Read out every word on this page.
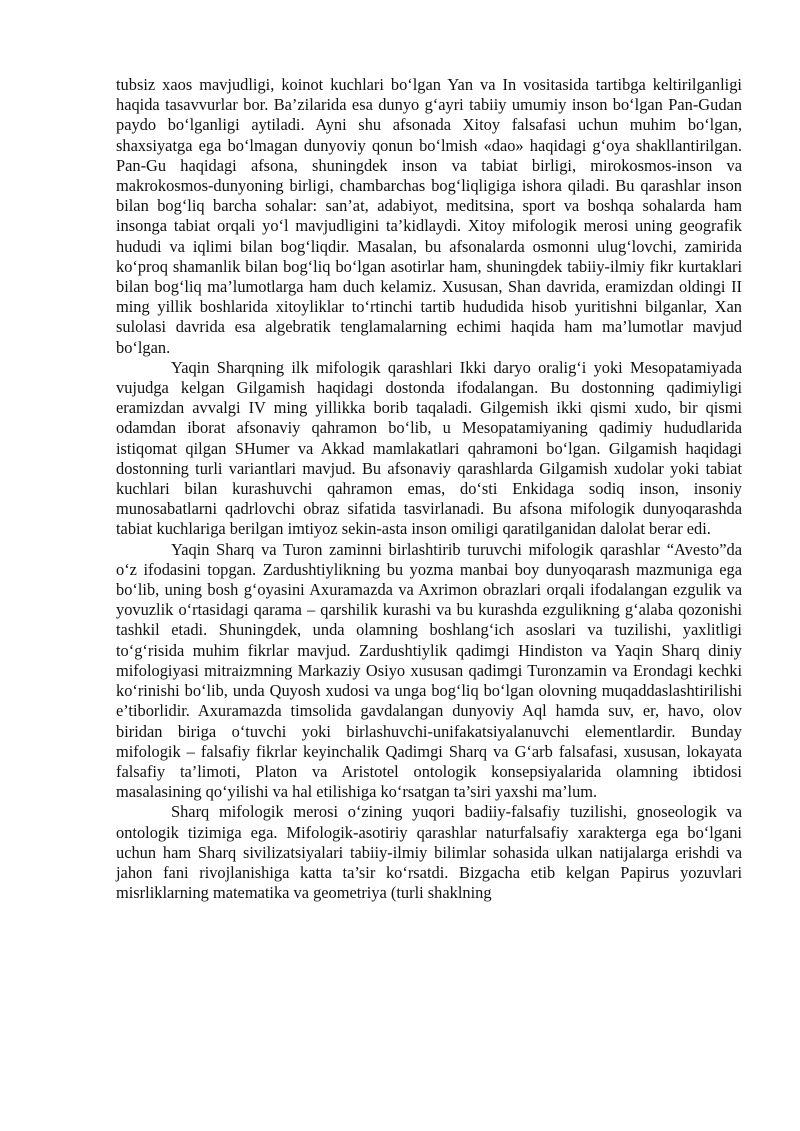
tubsiz xaos mavjudligi, koinot kuchlari bo‘lgan Yan va In vositasida tartibga keltirilganligi haqida tasavvurlar bor. Ba’zilarida esa dunyo g‘ayri tabiiy umumiy inson bo‘lgan Pan-Gudan paydo bo‘lganligi aytiladi. Ayni shu afsonada Xitoy falsafasi uchun muhim bo‘lgan, shaxsiyatga ega bo‘lmagan dunyoviy qonun bo‘lmish «dao» haqidagi g‘oya shakllantirilgan. Pan-Gu haqidagi afsona, shuningdek inson va tabiat birligi, mirokosmos-inson va makrokosmos-dunyoning birligi, chambarchas bog‘liqligiga ishora qiladi. Bu qarashlar inson bilan bog‘liq barcha sohalar: san’at, adabiyot, meditsina, sport va boshqa sohalarda ham insonga tabiat orqali yo‘l mavjudligini ta’kidlaydi. Xitoy mifologik merosi uning geografik hududi va iqlimi bilan bog‘liqdir. Masalan, bu afsonalarda osmonni ulug‘lovchi, zamirida ko‘proq shamanlik bilan bog‘liq bo‘lgan asotirlar ham, shuningdek tabiiy-ilmiy fikr kurtaklari bilan bog‘liq ma’lumotlarga ham duch kelamiz. Xususan, Shan davrida, eramizdan oldingi II ming yillik boshlarida xitoyliklar to‘rtinchi tartib hududida hisob yuritishni bilganlar, Xan sulolasi davrida esa algebratik tenglamalarning echimi haqida ham ma’lumotlar mavjud bo‘lgan.

Yaqin Sharqning ilk mifologik qarashlari Ikki daryo oralig‘i yoki Mesopatamiyada vujudga kelgan Gilgamish haqidagi dostonda ifodalangan. Bu dostonning qadimiyligi eramizdan avvalgi IV ming yillikka borib taqaladi. Gilgemish ikki qismi xudo, bir qismi odamdan iborat afsonaviy qahramon bo‘lib, u Mesopatamiyaning qadimiy hududlarida istiqomat qilgan SHumer va Akkad mamlakatlari qahramoni bo‘lgan. Gilgamish haqidagi dostonning turli variantlari mavjud. Bu afsonaviy qarashlarda Gilgamish xudolar yoki tabiat kuchlari bilan kurashuvchi qahramon emas, do‘sti Enkidaga sodiq inson, insoniy munosabatlarni qadrlovchi obraz sifatida tasvirlanadi. Bu afsona mifologik dunyoqarashda tabiat kuchlariga berilgan imtiyoz sekin-asta inson omiligi qaratilganidan dalolat berar edi.

Yaqin Sharq va Turon zaminni birlashtirib turuvchi mifologik qarashlar “Avesto”da o‘z ifodasini topgan. Zardushtiylikning bu yozma manbai boy dunyoqarash mazmuniga ega bo‘lib, uning bosh g‘oyasini Axuramazda va Axrimon obrazlari orqali ifodalangan ezgulik va yovuzlik o‘rtasidagi qarama – qarshilik kurashi va bu kurashda ezgulikning g‘alaba qozonishi tashkil etadi. Shuningdek, unda olamning boshlang‘ich asoslari va tuzilishi, yaxlitligi to‘g‘risida muhim fikrlar mavjud. Zardushtiylik qadimgi Hindiston va Yaqin Sharq diniy mifologiyasi mitraizmning Markaziy Osiyo xususan qadimgi Turonzamin va Erondagi kechki ko‘rinishi bo‘lib, unda Quyosh xudosi va unga bog‘liq bo‘lgan olovning muqaddaslashtirilishi e’tiborlidir. Axuramazda timsolida gavdalangan dunyoviy Aql hamda suv, er, havo, olov biridan biriga o‘tuvchi yoki birlashuvchi-unifakatsiyalanuvchi elementlardir. Bunday mifologik – falsafiy fikrlar keyinchalik Qadimgi Sharq va G‘arb falsafasi, xususan, lokayata falsafiy ta’limoti, Platon va Aristotel ontologik konsepsiyalarida olamning ibtidosi masalasining qo‘yilishi va hal etilishiga ko‘rsatgan ta’siri yaxshi ma’lum.

Sharq mifologik merosi o‘zining yuqori badiiy-falsafiy tuzilishi, gnoseologik va ontologik tizimiga ega. Mifologik-asotiriy qarashlar naturfalsafiy xarakterga ega bo‘lgani uchun ham Sharq sivilizatsiyalari tabiiy-ilmiy bilimlar sohasida ulkan natijalarga erishdi va jahon fani rivojlanishiga katta ta’sir ko‘rsatdi. Bizgacha etib kelgan Papirus yozuvlari misrliklarning matematika va geometriya (turli shaklning
